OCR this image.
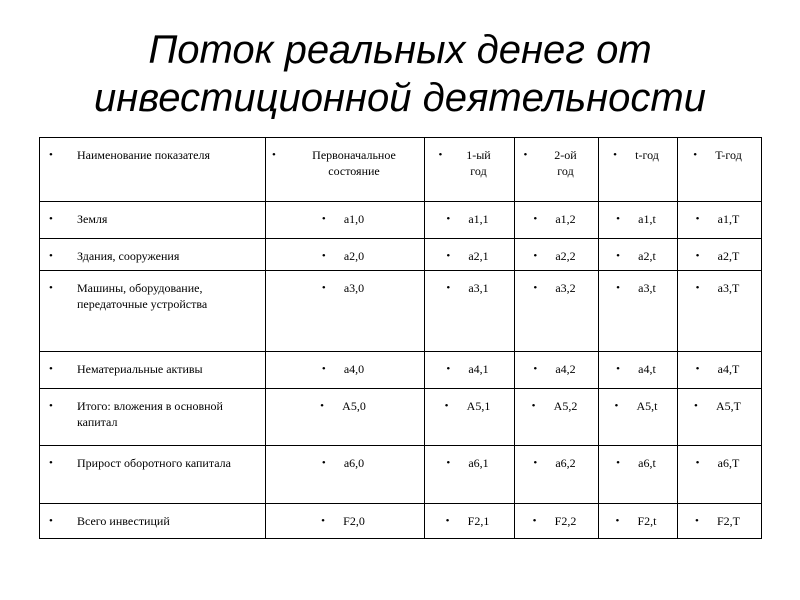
Поток реальных денег от
инвестиционной деятельности
• Наименование показателя	• Первоначальное состояние	• 1-ый год	• 2-ой год	• t-год	• T-год

• Земля	• a1,0	• a1,1	• a1,2	• a1,t	• a1,T

• Здания, сооружения	• a2,0	• a2,1	• a2,2	• a2,t	• a2,T

• Машины, оборудование, передаточные устройства	• a3,0	• a3,1	• a3,2	• a3,t	• a3,T

• Нематериальные активы	• a4,0	• a4,1	• a4,2	• a4,t	• a4,T

• Итого: вложения в основной капитал	• A5,0	• A5,1	• A5,2	• A5,t	• A5,T

• Прирост оборотного капитала	• a6,0	• a6,1	• a6,2	• a6,t	• a6,T

• Всего инвестиций	• F2,0	• F2,1	• F2,2	• F2,t	• F2,T
